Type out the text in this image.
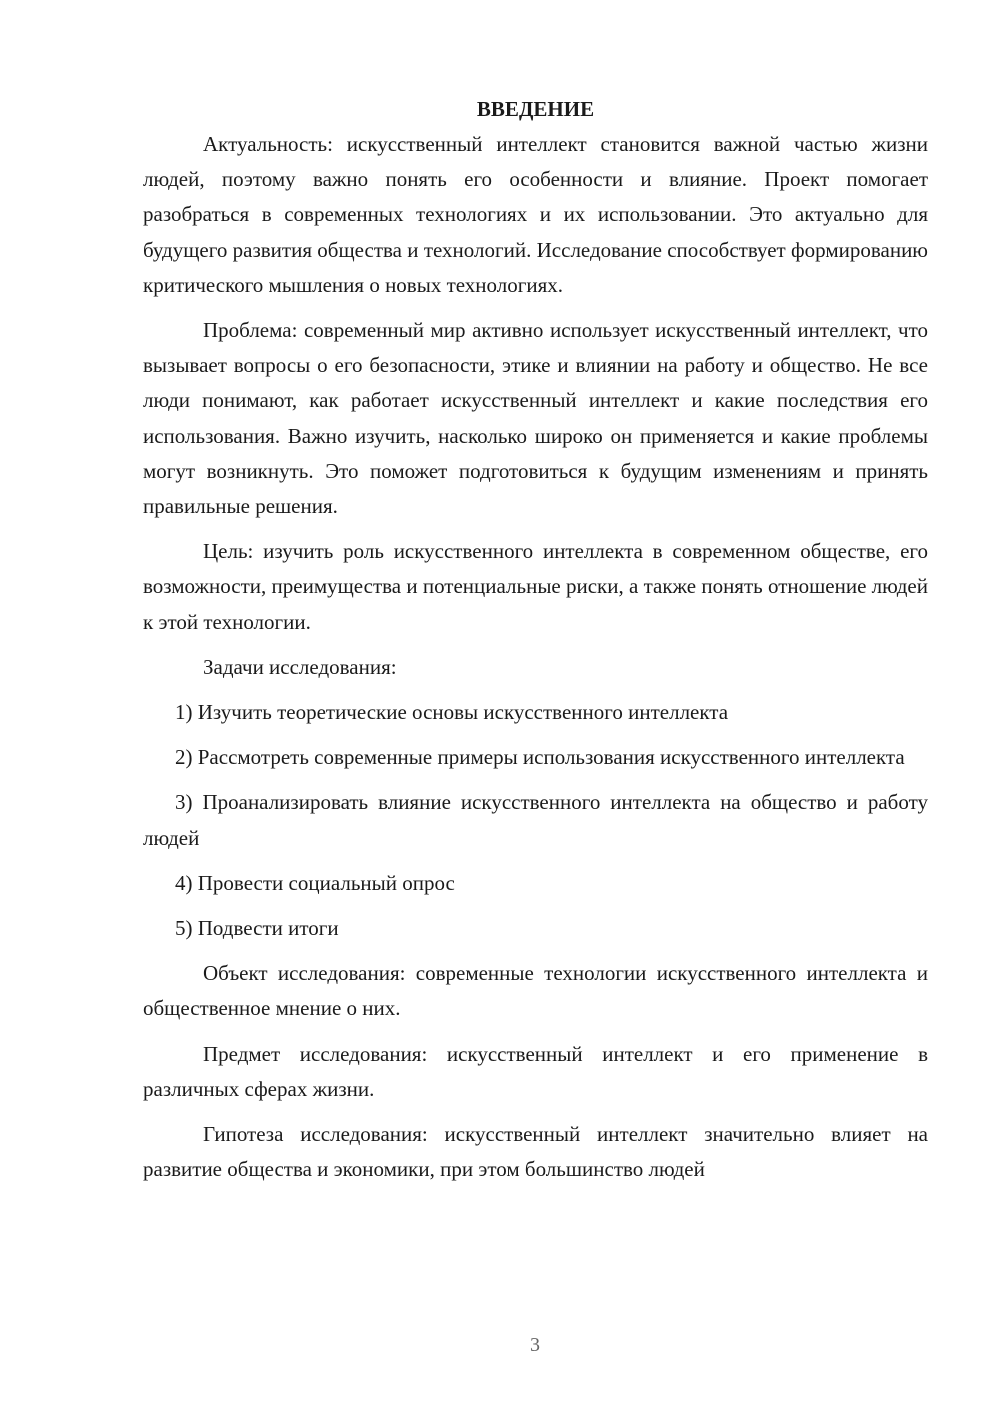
ВВЕДЕНИЕ

Актуальность: искусственный интеллект становится важной частью жизни людей, поэтому важно понять его особенности и влияние. Проект помогает разобраться в современных технологиях и их использовании. Это актуально для будущего развития общества и технологий. Исследование способствует формированию критического мышления о новых технологиях.

Проблема: современный мир активно использует искусственный интеллект, что вызывает вопросы о его безопасности, этике и влиянии на работу и общество. Не все люди понимают, как работает искусственный интеллект и какие последствия его использования. Важно изучить, насколько широко он применяется и какие проблемы могут возникнуть. Это поможет подготовиться к будущим изменениям и принять правильные решения.

Цель: изучить роль искусственного интеллекта в современном обществе, его возможности, преимущества и потенциальные риски, а также понять отношение людей к этой технологии.

Задачи исследования:

1) Изучить теоретические основы искусственного интеллекта

2) Рассмотреть современные примеры использования искусственного интеллекта

3) Проанализировать влияние искусственного интеллекта на общество и работу людей

4) Провести социальный опрос

5) Подвести итоги

Объект исследования: современные технологии искусственного интеллекта и общественное мнение о них.

Предмет исследования: искусственный интеллект и его применение в различных сферах жизни.

Гипотеза исследования: искусственный интеллект значительно влияет на развитие общества и экономики, при этом большинство людей

3
